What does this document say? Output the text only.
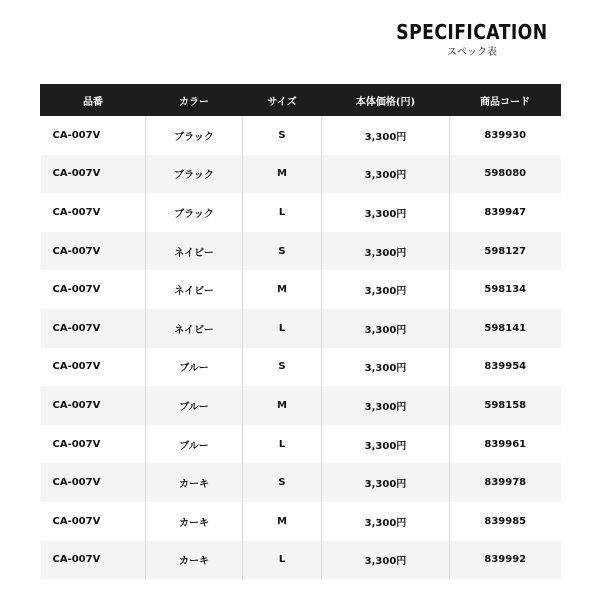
SPECIFICATION
スペック表
品番	カラー	サイズ	本体価格(円)	商品コード
CA-007V	ブラック	S	3,300円	839930
CA-007V	ブラック	M	3,300円	598080
CA-007V	ブラック	L	3,300円	839947
CA-007V	ネイビー	S	3,300円	598127
CA-007V	ネイビー	M	3,300円	598134
CA-007V	ネイビー	L	3,300円	598141
CA-007V	ブルー	S	3,300円	839954
CA-007V	ブルー	M	3,300円	598158
CA-007V	ブルー	L	3,300円	839961
CA-007V	カーキ	S	3,300円	839978
CA-007V	カーキ	M	3,300円	839985
CA-007V	カーキ	L	3,300円	839992
